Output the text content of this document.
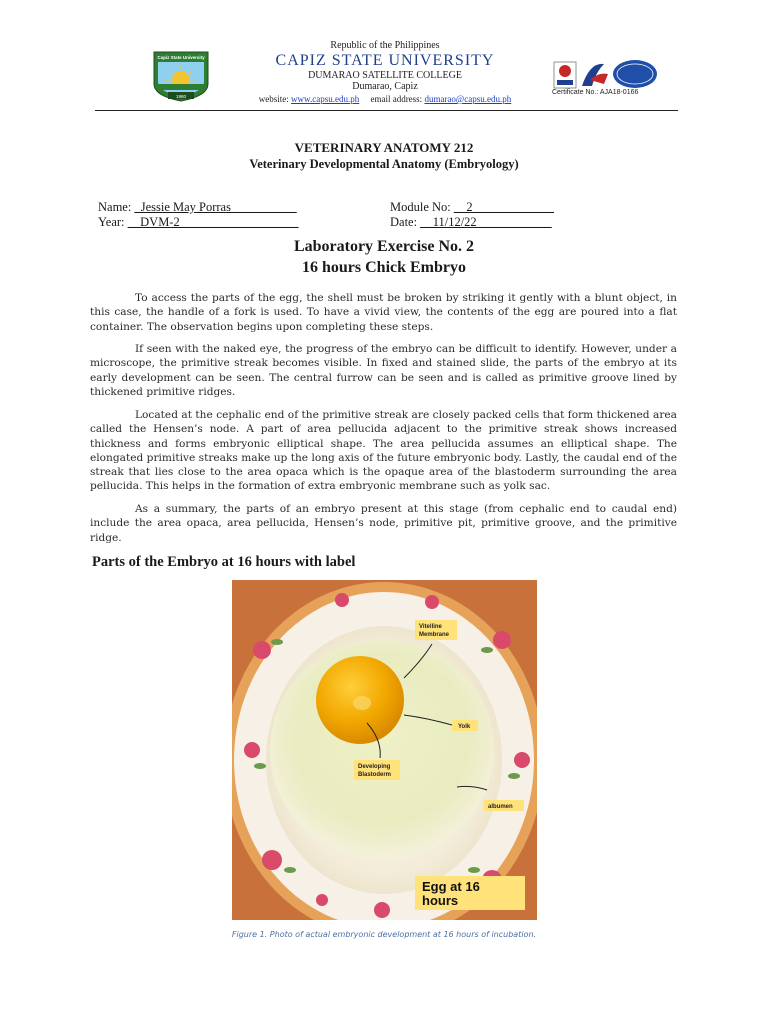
Capiz State University
1980
Republic of the Philippines
CAPIZ STATE UNIVERSITY
DUMARAO SATELLITE COLLEGE
Dumarao, Capiz
website: www.capsu.edu.ph email address: dumarao@capsu.edu.ph
Certificate No.: AJA18-0166
VETERINARY ANATOMY 212
Veterinary Developmental Anatomy (Embryology)
Name: _Jessie May Porras __________
Year: __DVM-2___________________
Module No: __2_____________
Date: __11/12/22____________
Laboratory Exercise No. 2
16 hours Chick Embryo
To access the parts of the egg, the shell must be broken by striking it gently with a blunt object, in this case, the handle of a fork is used. To have a vivid view, the contents of the egg are poured into a flat container. The observation begins upon completing these steps.
If seen with the naked eye, the progress of the embryo can be difficult to identify. However, under a microscope, the primitive streak becomes visible. In fixed and stained slide, the parts of the embryo at its early development can be seen. The central furrow can be seen and is called as primitive groove lined by thickened primitive ridges.
Located at the cephalic end of the primitive streak are closely packed cells that form thickened area called the Hensen’s node. A part of area pellucida adjacent to the primitive streak shows increased thickness and forms embryonic elliptical shape. The area pellucida assumes an elliptical shape. The elongated primitive streaks make up the long axis of the future embryonic body. Lastly, the caudal end of the streak that lies close to the area opaca which is the opaque area of the blastoderm surrounding the area pellucida. This helps in the formation of extra embryonic membrane such as yolk sac.
As a summary, the parts of an embryo present at this stage (from cephalic end to caudal end) include the area opaca, area pellucida, Hensen’s node, primitive pit, primitive groove, and the primitive ridge.
Parts of the Embryo at 16 hours with label
Vitelline
Membrane
Yolk
Developing
Blastoderm
albumen
Egg at 16
hours
Figure 1. Photo of actual embryonic development at 16 hours of incubation.
